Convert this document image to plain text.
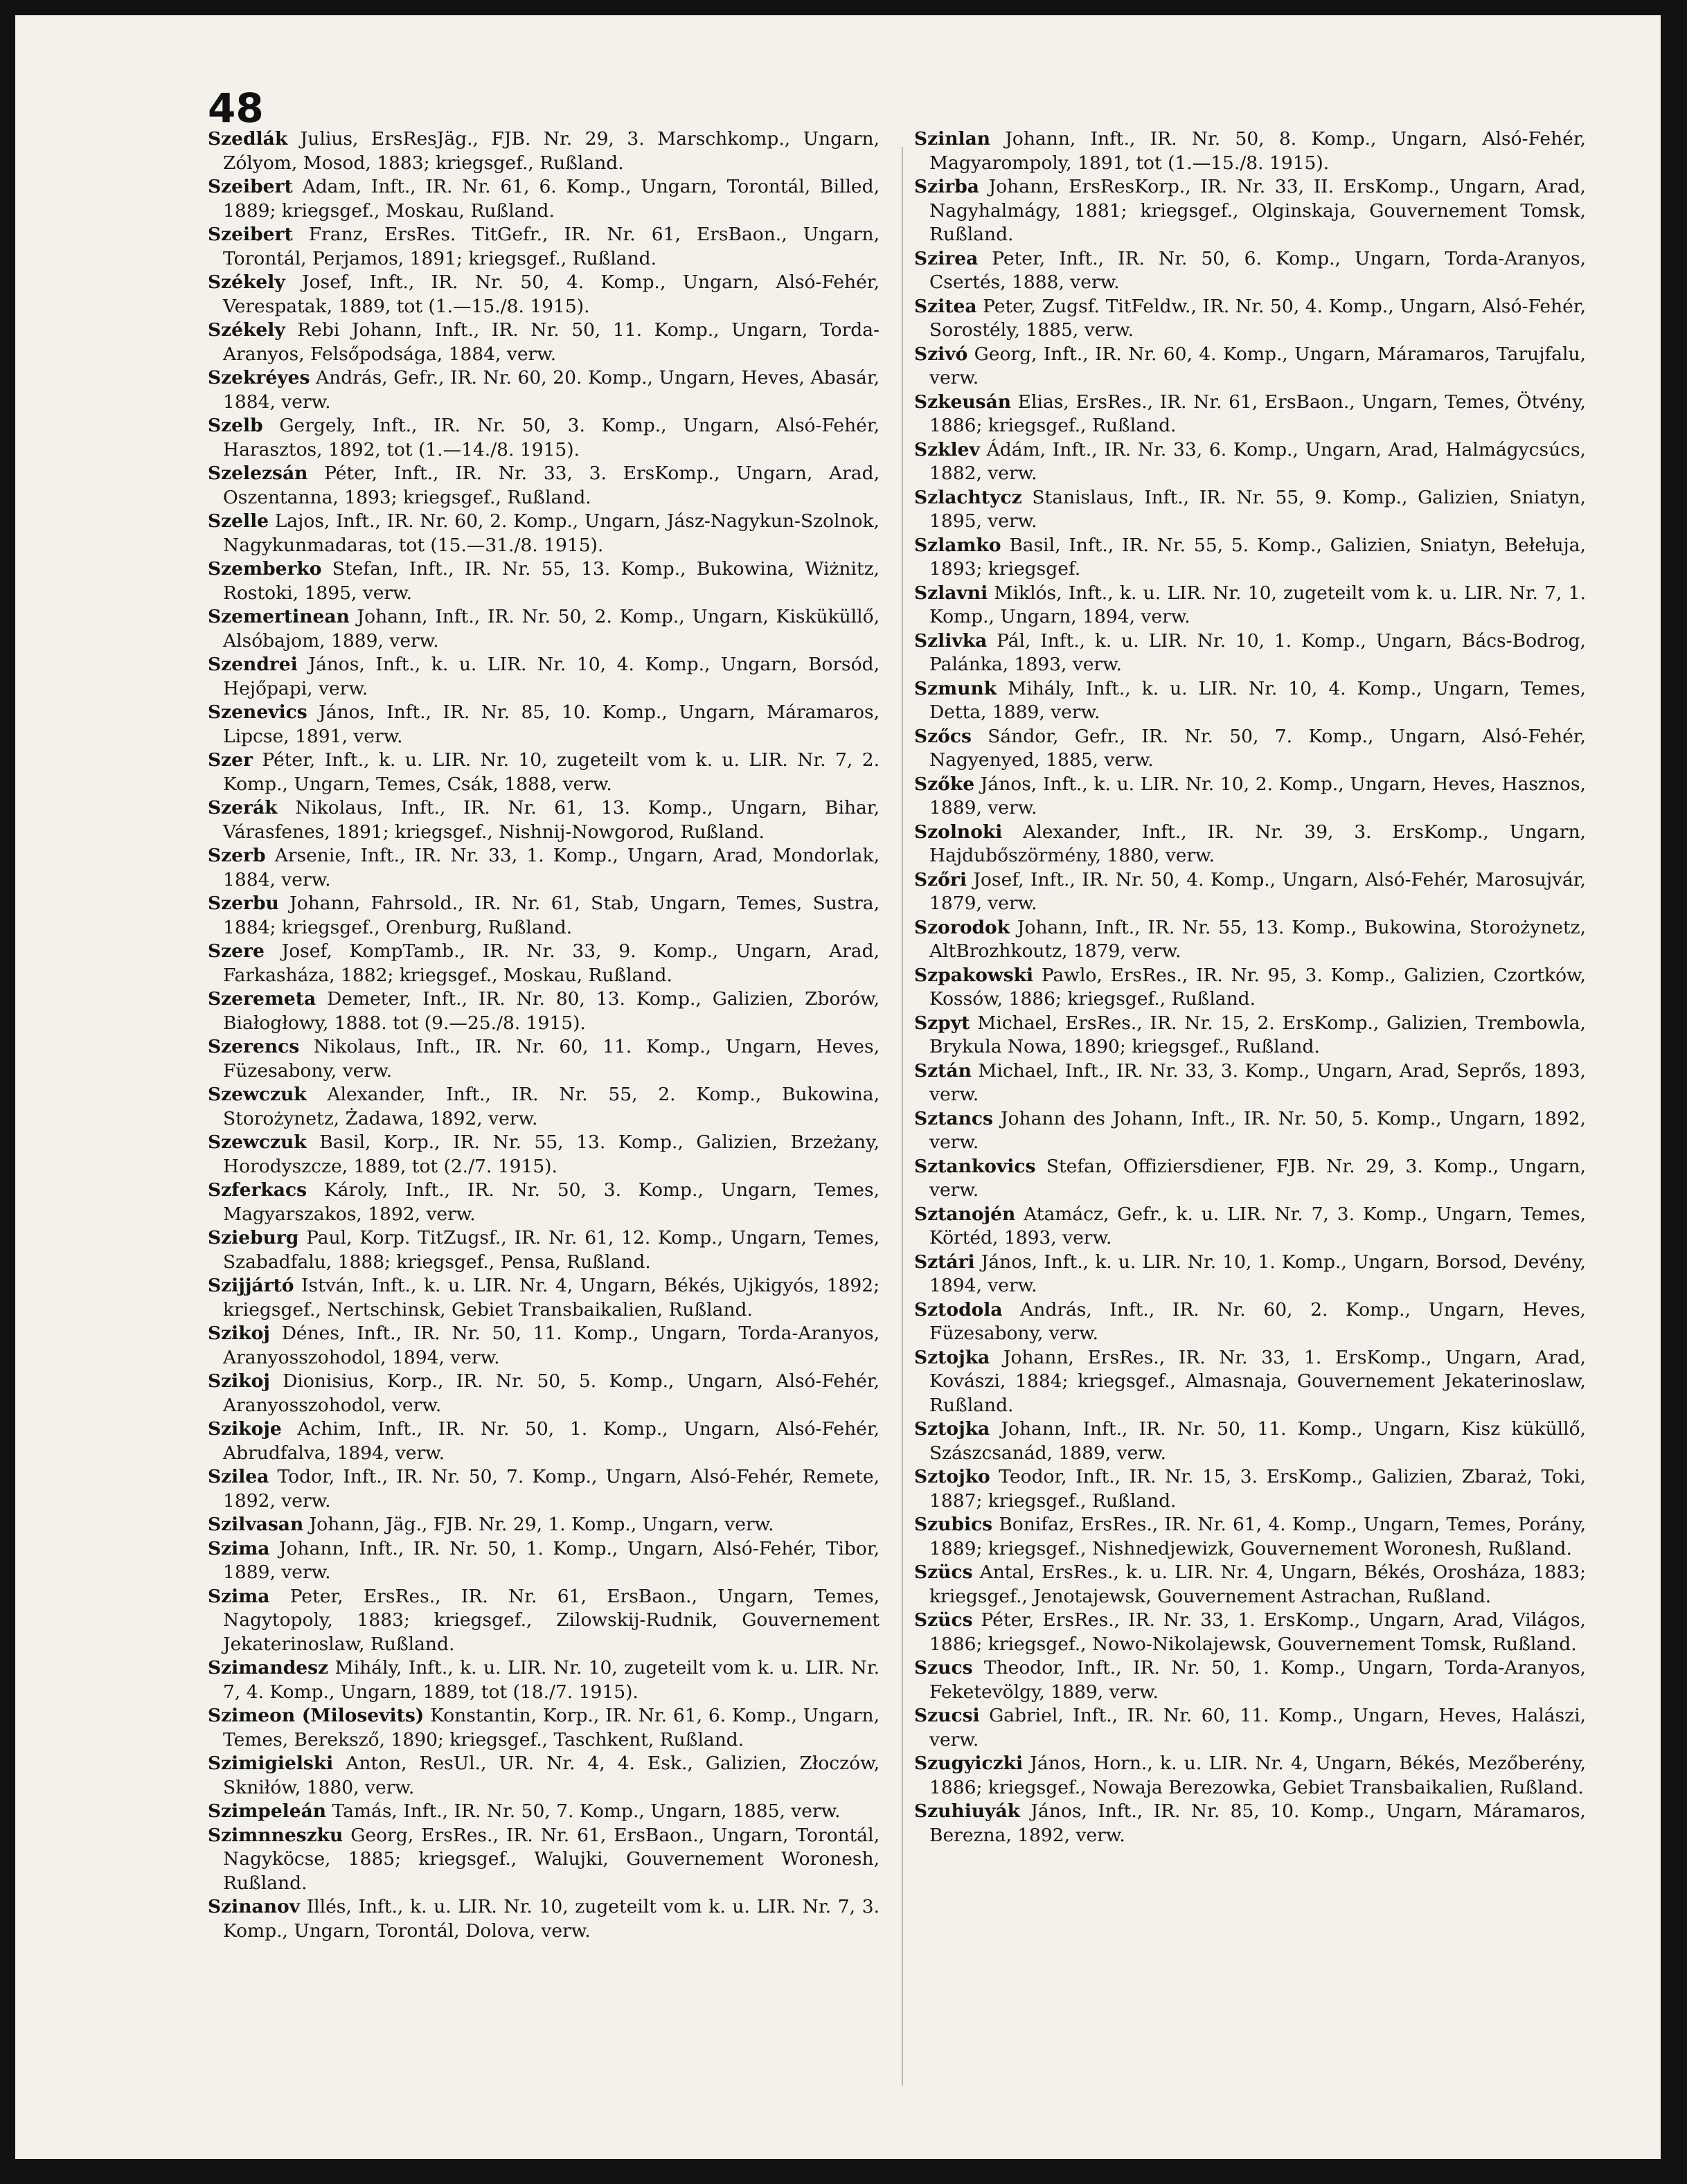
48
Szedlák Julius, ErsResJäg., FJB. Nr. 29, 3. Marschkomp., Ungarn, Zólyom, Mosod, 1883; kriegsgef., Rußland.
Szeibert Adam, Inft., IR. Nr. 61, 6. Komp., Ungarn, Torontál, Billed, 1889; kriegsgef., Moskau, Rußland.
Szeibert Franz, ErsRes. TitGefr., IR. Nr. 61, ErsBaon., Ungarn, Torontál, Perjamos, 1891; kriegsgef., Rußland.
Székely Josef, Inft., IR. Nr. 50, 4. Komp., Ungarn, Alsó-Fehér, Verespatak, 1889, tot (1.—15./8. 1915).
Székely Rebi Johann, Inft., IR. Nr. 50, 11. Komp., Ungarn, Torda-Aranyos, Felsőpodsága, 1884, verw.
Szekréyes András, Gefr., IR. Nr. 60, 20. Komp., Ungarn, Heves, Abasár, 1884, verw.
Szelb Gergely, Inft., IR. Nr. 50, 3. Komp., Ungarn, Alsó-Fehér, Harasztos, 1892, tot (1.—14./8. 1915).
Szelezsán Péter, Inft., IR. Nr. 33, 3. ErsKomp., Ungarn, Arad, Oszentanna, 1893; kriegsgef., Rußland.
Szelle Lajos, Inft., IR. Nr. 60, 2. Komp., Ungarn, Jász-Nagykun-Szolnok, Nagykunmadaras, tot (15.—31./8. 1915).
Szemberko Stefan, Inft., IR. Nr. 55, 13. Komp., Bukowina, Wiżnitz, Rostoki, 1895, verw.
Szemertinean Johann, Inft., IR. Nr. 50, 2. Komp., Ungarn, Kisküküllő, Alsóbajom, 1889, verw.
Szendrei János, Inft., k. u. LIR. Nr. 10, 4. Komp., Ungarn, Borsód, Hejőpapi, verw.
Szenevics János, Inft., IR. Nr. 85, 10. Komp., Ungarn, Máramaros, Lipcse, 1891, verw.
Szer Péter, Inft., k. u. LIR. Nr. 10, zugeteilt vom k. u. LIR. Nr. 7, 2. Komp., Ungarn, Temes, Csák, 1888, verw.
Szerák Nikolaus, Inft., IR. Nr. 61, 13. Komp., Ungarn, Bihar, Várasfenes, 1891; kriegsgef., Nishnij-Nowgorod, Rußland.
Szerb Arsenie, Inft., IR. Nr. 33, 1. Komp., Ungarn, Arad, Mondorlak, 1884, verw.
Szerbu Johann, Fahrsold., IR. Nr. 61, Stab, Ungarn, Temes, Sustra, 1884; kriegsgef., Orenburg, Rußland.
Szere Josef, KompTamb., IR. Nr. 33, 9. Komp., Ungarn, Arad, Farkasháza, 1882; kriegsgef., Moskau, Rußland.
Szeremeta Demeter, Inft., IR. Nr. 80, 13. Komp., Galizien, Zborów, Białogłowy, 1888. tot (9.—25./8. 1915).
Szerencs Nikolaus, Inft., IR. Nr. 60, 11. Komp., Ungarn, Heves, Füzesabony, verw.
Szewczuk Alexander, Inft., IR. Nr. 55, 2. Komp., Bukowina, Storożynetz, Żadawa, 1892, verw.
Szewczuk Basil, Korp., IR. Nr. 55, 13. Komp., Galizien, Brzeżany, Horodyszcze, 1889, tot (2./7. 1915).
Szferkacs Károly, Inft., IR. Nr. 50, 3. Komp., Ungarn, Temes, Magyarszakos, 1892, verw.
Szieburg Paul, Korp. TitZugsf., IR. Nr. 61, 12. Komp., Ungarn, Temes, Szabadfalu, 1888; kriegsgef., Pensa, Rußland.
Szijjártó István, Inft., k. u. LIR. Nr. 4, Ungarn, Békés, Ujkigyós, 1892; kriegsgef., Nertschinsk, Gebiet Transbaikalien, Rußland.
Szikoj Dénes, Inft., IR. Nr. 50, 11. Komp., Ungarn, Torda-Aranyos, Aranyosszohodol, 1894, verw.
Szikoj Dionisius, Korp., IR. Nr. 50, 5. Komp., Ungarn, Alsó-Fehér, Aranyosszohodol, verw.
Szikoje Achim, Inft., IR. Nr. 50, 1. Komp., Ungarn, Alsó-Fehér, Abrudfalva, 1894, verw.
Szilea Todor, Inft., IR. Nr. 50, 7. Komp., Ungarn, Alsó-Fehér, Remete, 1892, verw.
Szilvasan Johann, Jäg., FJB. Nr. 29, 1. Komp., Ungarn, verw.
Szima Johann, Inft., IR. Nr. 50, 1. Komp., Ungarn, Alsó-Fehér, Tibor, 1889, verw.
Szima Peter, ErsRes., IR. Nr. 61, ErsBaon., Ungarn, Temes, Nagytopoly, 1883; kriegsgef., Zilowskij-Rudnik, Gouvernement Jekaterinoslaw, Rußland.
Szimandesz Mihály, Inft., k. u. LIR. Nr. 10, zugeteilt vom k. u. LIR. Nr. 7, 4. Komp., Ungarn, 1889, tot (18./7. 1915).
Szimeon (Milosevits) Konstantin, Korp., IR. Nr. 61, 6. Komp., Ungarn, Temes, Bereksző, 1890; kriegsgef., Taschkent, Rußland.
Szimigielski Anton, ResUl., UR. Nr. 4, 4. Esk., Galizien, Złoczów, Skniłów, 1880, verw.
Szimpeleán Tamás, Inft., IR. Nr. 50, 7. Komp., Ungarn, 1885, verw.
Szimnneszku Georg, ErsRes., IR. Nr. 61, ErsBaon., Ungarn, Torontál, Nagyköcse, 1885; kriegsgef., Walujki, Gouvernement Woronesh, Rußland.
Szinanov Illés, Inft., k. u. LIR. Nr. 10, zugeteilt vom k. u. LIR. Nr. 7, 3. Komp., Ungarn, Torontál, Dolova, verw.
Szinlan Johann, Inft., IR. Nr. 50, 8. Komp., Ungarn, Alsó-Fehér, Magyarompoly, 1891, tot (1.—15./8. 1915).
Szirba Johann, ErsResKorp., IR. Nr. 33, II. ErsKomp., Ungarn, Arad, Nagyhalmágy, 1881; kriegsgef., Olginskaja, Gouvernement Tomsk, Rußland.
Szirea Peter, Inft., IR. Nr. 50, 6. Komp., Ungarn, Torda-Aranyos, Csertés, 1888, verw.
Szitea Peter, Zugsf. TitFeldw., IR. Nr. 50, 4. Komp., Ungarn, Alsó-Fehér, Sorostély, 1885, verw.
Szivó Georg, Inft., IR. Nr. 60, 4. Komp., Ungarn, Máramaros, Tarujfalu, verw.
Szkeusán Elias, ErsRes., IR. Nr. 61, ErsBaon., Ungarn, Temes, Ötvény, 1886; kriegsgef., Rußland.
Szklev Ádám, Inft., IR. Nr. 33, 6. Komp., Ungarn, Arad, Halmágycsúcs, 1882, verw.
Szlachtycz Stanislaus, Inft., IR. Nr. 55, 9. Komp., Galizien, Sniatyn, 1895, verw.
Szlamko Basil, Inft., IR. Nr. 55, 5. Komp., Galizien, Sniatyn, Bełełuja, 1893; kriegsgef.
Szlavni Miklós, Inft., k. u. LIR. Nr. 10, zugeteilt vom k. u. LIR. Nr. 7, 1. Komp., Ungarn, 1894, verw.
Szlivka Pál, Inft., k. u. LIR. Nr. 10, 1. Komp., Ungarn, Bács-Bodrog, Palánka, 1893, verw.
Szmunk Mihály, Inft., k. u. LIR. Nr. 10, 4. Komp., Ungarn, Temes, Detta, 1889, verw.
Szőcs Sándor, Gefr., IR. Nr. 50, 7. Komp., Ungarn, Alsó-Fehér, Nagyenyed, 1885, verw.
Szőke János, Inft., k. u. LIR. Nr. 10, 2. Komp., Ungarn, Heves, Hasznos, 1889, verw.
Szolnoki Alexander, Inft., IR. Nr. 39, 3. ErsKomp., Ungarn, Hajdubőszörmény, 1880, verw.
Szőri Josef, Inft., IR. Nr. 50, 4. Komp., Ungarn, Alsó-Fehér, Marosujvár, 1879, verw.
Szorodok Johann, Inft., IR. Nr. 55, 13. Komp., Bukowina, Storożynetz, AltBrozhkoutz, 1879, verw.
Szpakowski Pawlo, ErsRes., IR. Nr. 95, 3. Komp., Galizien, Czortków, Kossów, 1886; kriegsgef., Rußland.
Szpyt Michael, ErsRes., IR. Nr. 15, 2. ErsKomp., Galizien, Trembowla, Brykula Nowa, 1890; kriegsgef., Rußland.
Sztán Michael, Inft., IR. Nr. 33, 3. Komp., Ungarn, Arad, Seprős, 1893, verw.
Sztancs Johann des Johann, Inft., IR. Nr. 50, 5. Komp., Ungarn, 1892, verw.
Sztankovics Stefan, Offiziersdiener, FJB. Nr. 29, 3. Komp., Ungarn, verw.
Sztanojén Atamácz, Gefr., k. u. LIR. Nr. 7, 3. Komp., Ungarn, Temes, Körtéd, 1893, verw.
Sztári János, Inft., k. u. LIR. Nr. 10, 1. Komp., Ungarn, Borsod, Devény, 1894, verw.
Sztodola András, Inft., IR. Nr. 60, 2. Komp., Ungarn, Heves, Füzesabony, verw.
Sztojka Johann, ErsRes., IR. Nr. 33, 1. ErsKomp., Ungarn, Arad, Kovászi, 1884; kriegsgef., Almasnaja, Gouvernement Jekaterinoslaw, Rußland.
Sztojka Johann, Inft., IR. Nr. 50, 11. Komp., Ungarn, Kisz küküllő, Szászcsanád, 1889, verw.
Sztojko Teodor, Inft., IR. Nr. 15, 3. ErsKomp., Galizien, Zbaraż, Toki, 1887; kriegsgef., Rußland.
Szubics Bonifaz, ErsRes., IR. Nr. 61, 4. Komp., Ungarn, Temes, Porány, 1889; kriegsgef., Nishnedjewizk, Gouvernement Woronesh, Rußland.
Szücs Antal, ErsRes., k. u. LIR. Nr. 4, Ungarn, Békés, Orosháza, 1883; kriegsgef., Jenotajewsk, Gouvernement Astrachan, Rußland.
Szücs Péter, ErsRes., IR. Nr. 33, 1. ErsKomp., Ungarn, Arad, Világos, 1886; kriegsgef., Nowo-Nikolajewsk, Gouvernement Tomsk, Rußland.
Szucs Theodor, Inft., IR. Nr. 50, 1. Komp., Ungarn, Torda-Aranyos, Feketevölgy, 1889, verw.
Szucsi Gabriel, Inft., IR. Nr. 60, 11. Komp., Ungarn, Heves, Halászi, verw.
Szugyiczki János, Horn., k. u. LIR. Nr. 4, Ungarn, Békés, Mezőberény, 1886; kriegsgef., Nowaja Berezowka, Gebiet Transbaikalien, Rußland.
Szuhiuyák János, Inft., IR. Nr. 85, 10. Komp., Ungarn, Máramaros, Berezna, 1892, verw.
